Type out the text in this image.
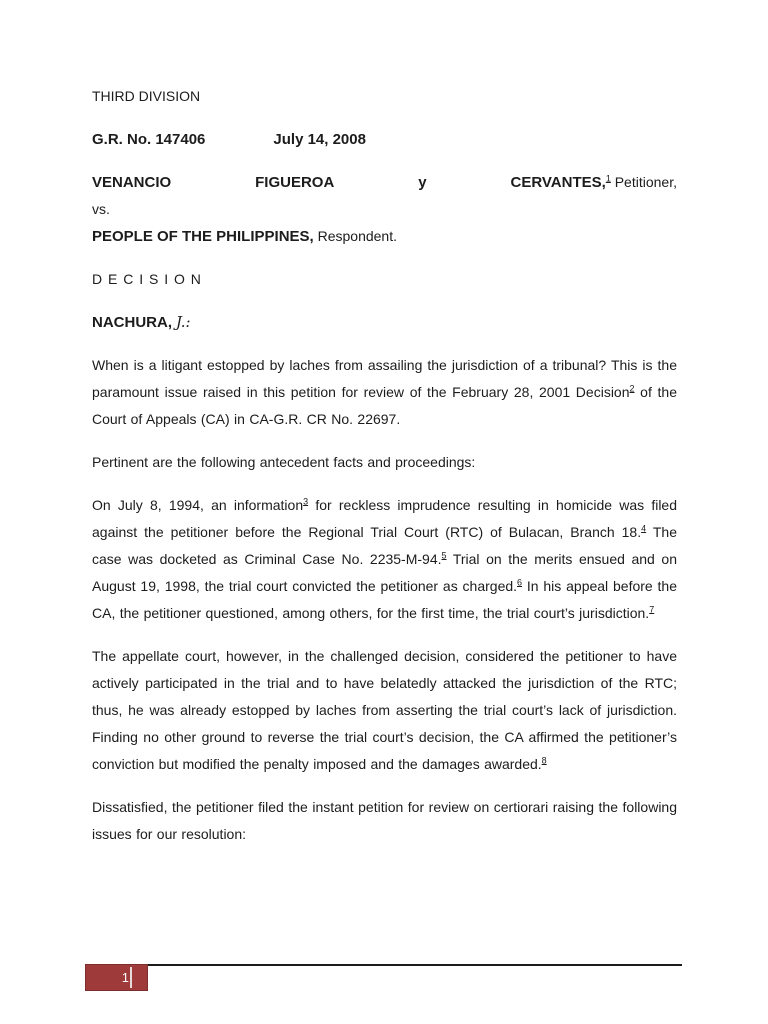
THIRD DIVISION

G.R. No. 147406	July 14, 2008

VENANCIO	FIGUEROA	y	CERVANTES,$^1$ Petitioner,

vs.

PEOPLE OF THE PHILIPPINES, Respondent.

D E C I S I O N

NACHURA, J.:

When is a litigant estopped by laches from assailing the jurisdiction of a tribunal? This is the paramount issue raised in this petition for review of the February 28, 2001 Decision$^2$ of the Court of Appeals (CA) in CA-G.R. CR No. 22697.

Pertinent are the following antecedent facts and proceedings:

On July 8, 1994, an information$^3$ for reckless imprudence resulting in homicide was filed against the petitioner before the Regional Trial Court (RTC) of Bulacan, Branch 18.$^4$ The case was docketed as Criminal Case No. 2235-M-94.$^5$ Trial on the merits ensued and on August 19, 1998, the trial court convicted the petitioner as charged.$^6$ In his appeal before the CA, the petitioner questioned, among others, for the first time, the trial court’s jurisdiction.$^7$

The appellate court, however, in the challenged decision, considered the petitioner to have actively participated in the trial and to have belatedly attacked the jurisdiction of the RTC; thus, he was already estopped by laches from asserting the trial court’s lack of jurisdiction. Finding no other ground to reverse the trial court’s decision, the CA affirmed the petitioner’s conviction but modified the penalty imposed and the damages awarded.$^8$

Dissatisfied, the petitioner filed the instant petition for review on certiorari raising the following issues for our resolution:

1
